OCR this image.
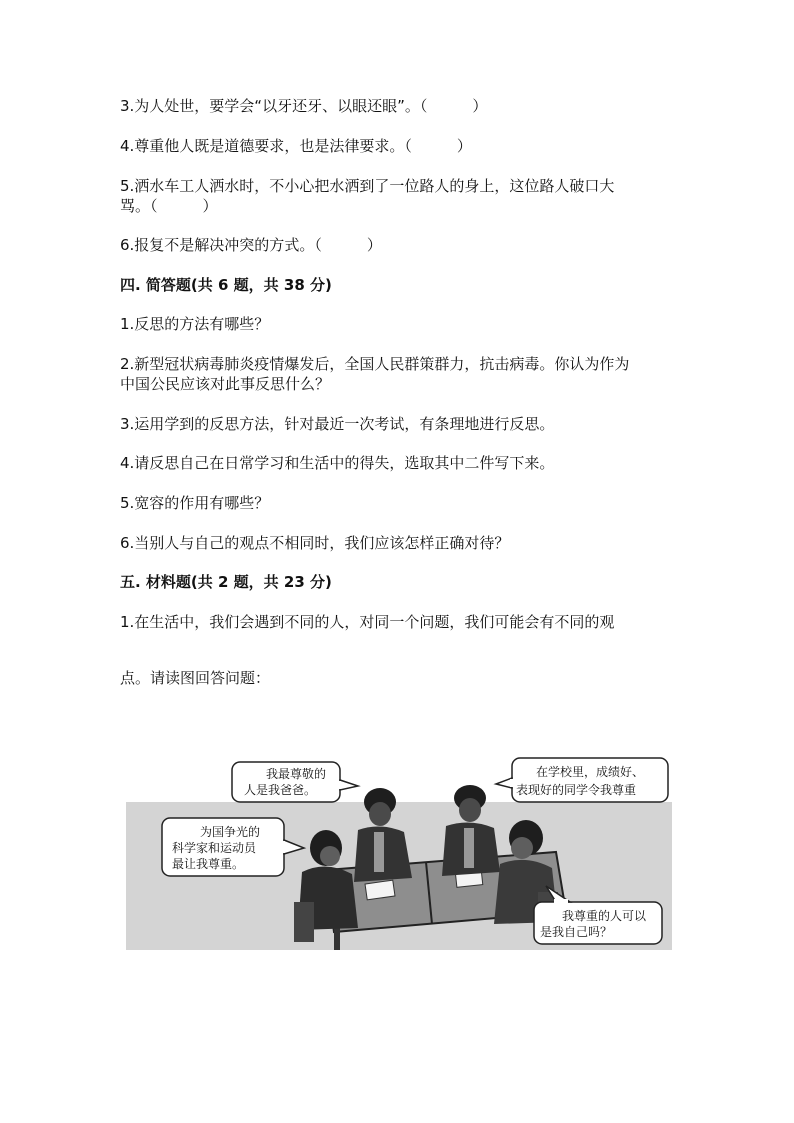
3.为人处世，要学会“以牙还牙、以眼还眼”。（　　　）
4.尊重他人既是道德要求，也是法律要求。（　　　）
5.洒水车工人洒水时，不小心把水洒到了一位路人的身上，这位路人破口大
骂。（　　　）
6.报复不是解决冲突的方式。（　　　）
四. 简答题(共 6 题，共 38 分)
1.反思的方法有哪些？
2.新型冠状病毒肺炎疫情爆发后，全国人民群策群力，抗击病毒。你认为作为
中国公民应该对此事反思什么？
3.运用学到的反思方法，针对最近一次考试，有条理地进行反思。
4.请反思自己在日常学习和生活中的得失，选取其中二件写下来。
5.宽容的作用有哪些？
6.当别人与自己的观点不相同时，我们应该怎样正确对待？
五. 材料题(共 2 题，共 23 分)
1.在生活中，我们会遇到不同的人，对同一个问题，我们可能会有不同的观
点。请读图回答问题：
我最尊敬的
人是我爸爸。
在学校里，成绩好、
表现好的同学令我尊重
为国争光的
科学家和运动员
最让我尊重。
我尊重的人可以
是我自己吗？
